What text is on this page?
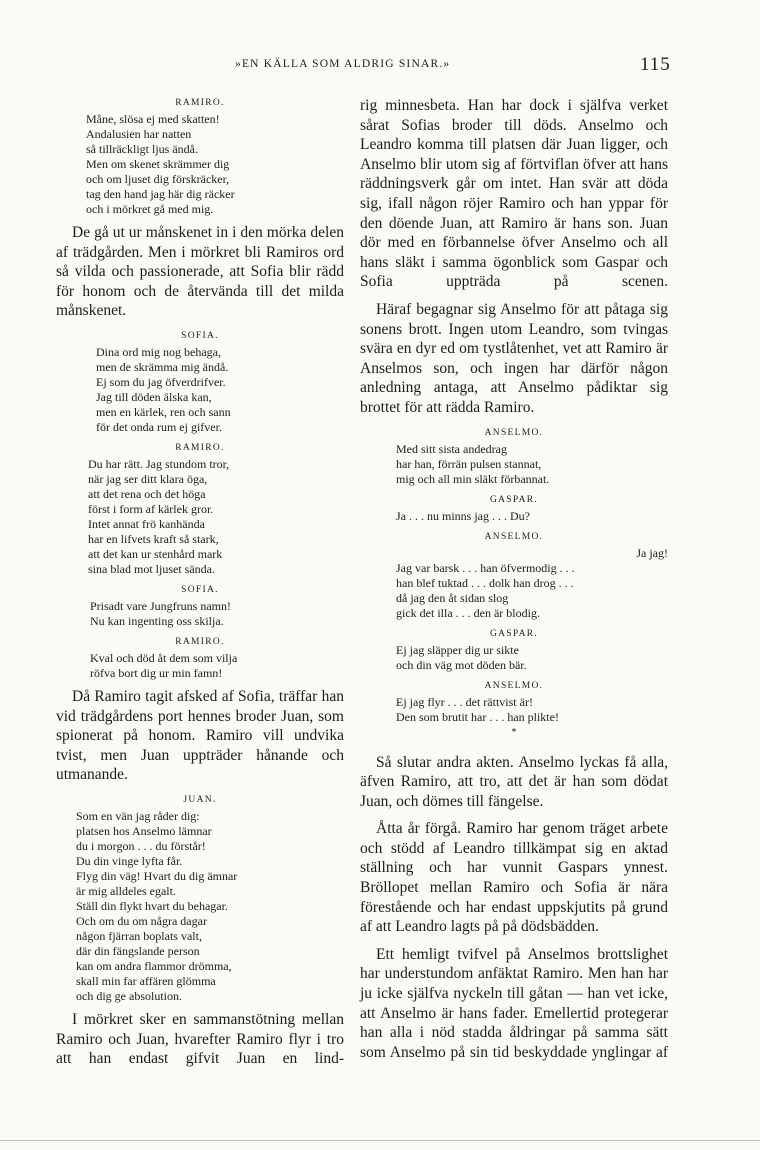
»EN KÄLLA SOM ALDRIG SINAR.»	115
RAMIRO.
Måne, slösa ej med skatten!
Andalusien har natten
så tillräckligt ljus ändå.
Men om skenet skrämmer dig
och om ljuset dig förskräcker,
tag den hand jag här dig räcker
och i mörkret gå med mig.

De gå ut ur månskenet in i den mörka delen af trädgården. Men i mörkret bli Ramiros ord så vilda och passionerade, att Sofia blir rädd för honom och de återvända till det milda månskenet.

SOFIA.
Dina ord mig nog behaga,
men de skrämma mig ändå.
Ej som du jag öfverdrifver.
Jag till döden älska kan,
men en kärlek, ren och sann
för det onda rum ej gifver.
RAMIRO.
Du har rätt. Jag stundom tror,
när jag ser ditt klara öga,
att det rena och det höga
först i form af kärlek gror.
Intet annat frö kanhända
har en lifvets kraft så stark,
att det kan ur stenhård mark
sina blad mot ljuset sända.
SOFIA.
Prisadt vare Jungfruns namn!
Nu kan ingenting oss skilja.
RAMIRO.
Kval och död åt dem som vilja
röfva bort dig ur min famn!

Då Ramiro tagit afsked af Sofia, träffar han vid trädgårdens port hennes broder Juan, som spionerat på honom. Ramiro vill undvika tvist, men Juan uppträder hånande och utmanande.

JUAN.
Som en vän jag råder dig:
platsen hos Anselmo lämnar
du i morgon . . . du förstår!
Du din vinge lyfta får.
Flyg din väg! Hvart du dig ämnar
är mig alldeles egalt.
Ställ din flykt hvart du behagar.
Och om du om några dagar
någon fjärran boplats valt,
där din fängslande person
kan om andra flammor drömma,
skall min far affären glömma
och dig ge absolution.

I mörkret sker en sammanstötning mellan Ramiro och Juan, hvarefter Ramiro flyr i tro att han endast gifvit Juan en lind-

rig minnesbeta. Han har dock i själfva verket sårat Sofias broder till döds. Anselmo och Leandro komma till platsen där Juan ligger, och Anselmo blir utom sig af förtviflan öfver att hans räddningsverk går om intet. Han svär att döda sig, ifall någon röjer Ramiro och han yppar för den döende Juan, att Ramiro är hans son. Juan dör med en förbannelse öfver Anselmo och all hans släkt i samma ögonblick som Gaspar och Sofia uppträda på scenen.

Häraf begagnar sig Anselmo för att påtaga sig sonens brott. Ingen utom Leandro, som tvingas svära en dyr ed om tystlåtenhet, vet att Ramiro är Anselmos son, och ingen har därför någon anledning antaga, att Anselmo pådiktar sig brottet för att rädda Ramiro.

ANSELMO.
Med sitt sista andedrag
har han, förrän pulsen stannat,
mig och all min släkt förbannat.
GASPAR.
Ja . . . nu minns jag . . . Du?
ANSELMO.
Ja jag!
Jag var barsk . . . han öfvermodig . . .
han blef tuktad . . . dolk han drog . . .
då jag den åt sidan slog
gick det illa . . . den är blodig.
GASPAR.
Ej jag släpper dig ur sikte
och din väg mot döden bär.
ANSELMO.
Ej jag flyr . . . det rättvist är!
Den som brutit har . . . han plikte!
*

Så slutar andra akten. Anselmo lyckas få alla, äfven Ramiro, att tro, att det är han som dödat Juan, och dömes till fängelse.

Åtta år förgå. Ramiro har genom träget arbete och stödd af Leandro tillkämpat sig en aktad ställning och har vunnit Gaspars ynnest. Bröllopet mellan Ramiro och Sofia är nära förestående och har endast uppskjutits på grund af att Leandro lagts på på dödsbädden.

Ett hemligt tvifvel på Anselmos brottslighet har understundom anfäktat Ramiro. Men han har ju icke själfva nyckeln till gåtan — han vet icke, att Anselmo är hans fader. Emellertid protegerar han alla i nöd stadda åldringar på samma sätt som Anselmo på sin tid beskyddade ynglingar af
